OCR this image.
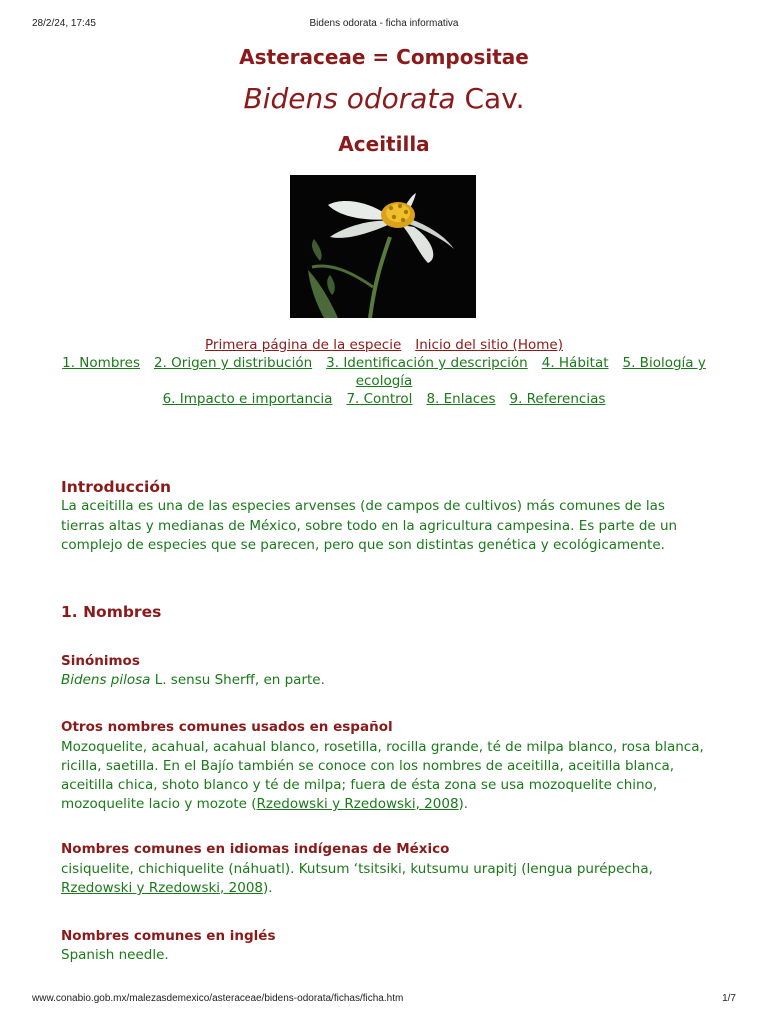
28/2/24, 17:45	Bidens odorata - ficha informativa
Asteraceae = Compositae
Bidens odorata Cav.
Aceitilla
Primera página de la especie Inicio del sitio (Home)
1. Nombres 2. Origen y distribución 3. Identificación y descripción 4. Hábitat 5. Biología y ecología
6. Impacto e importancia 7. Control 8. Enlaces 9. Referencias
Introducción

La aceitilla es una de las especies arvenses (de campos de cultivos) más comunes de las tierras altas y medianas de México, sobre todo en la agricultura campesina. Es parte de un complejo de especies que se parecen, pero que son distintas genética y ecológicamente.

1. Nombres
Sinónimos

Bidens pilosa L. sensu Sherff, en parte.

Otros nombres comunes usados en español

Mozoquelite, acahual, acahual blanco, rosetilla, rocilla grande, té de milpa blanco, rosa blanca, ricilla, saetilla. En el Bajío también se conoce con los nombres de aceitilla, aceitilla blanca, aceitilla chica, shoto blanco y té de milpa; fuera de ésta zona se usa mozoquelite chino, mozoquelite lacio y mozote (Rzedowski y Rzedowski, 2008).

Nombres comunes en idiomas indígenas de México

cisiquelite, chichiquelite (náhuatl). Kutsum ‘tsitsiki, kutsumu urapitj (lengua purépecha, Rzedowski y Rzedowski, 2008).

Nombres comunes en inglés

Spanish needle.

www.conabio.gob.mx/malezasdemexico/asteraceae/bidens-odorata/fichas/ficha.htm	1/7
